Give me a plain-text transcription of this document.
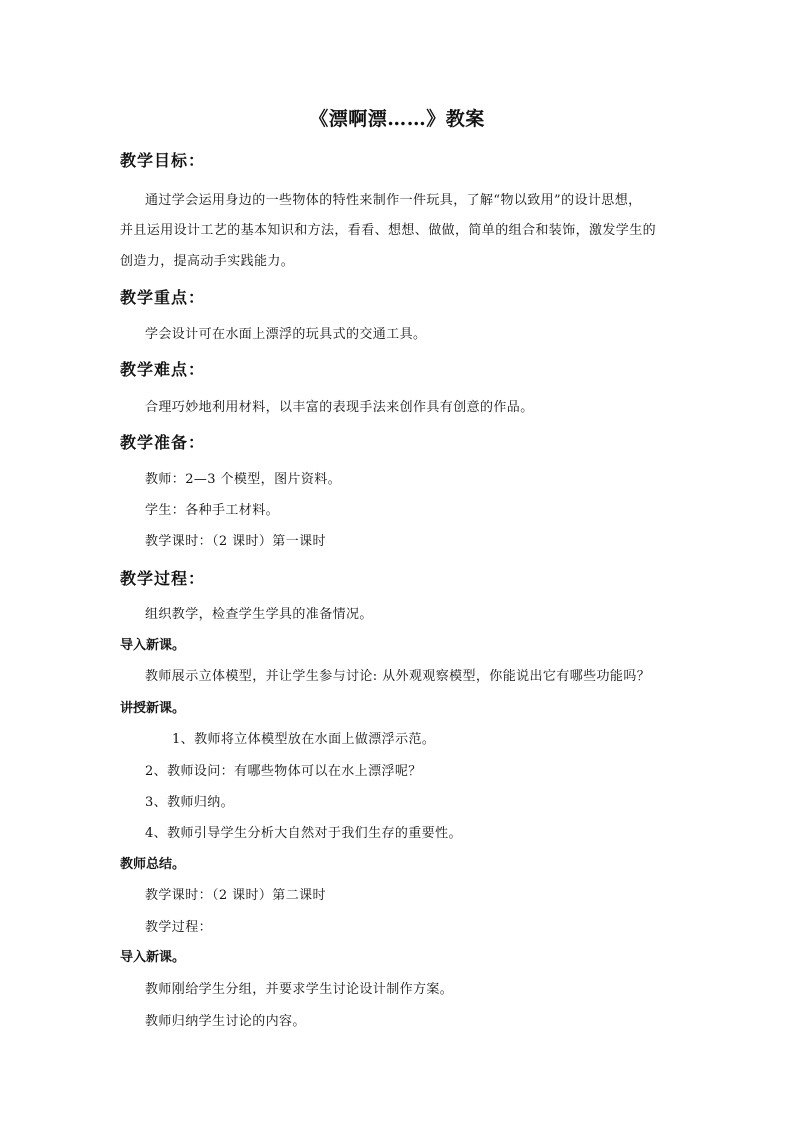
《漂啊漂……》教案
教学目标：
通过学会运用身边的一些物体的特性来制作一件玩具，了解“物以致用”的设计思想，
并且运用设计工艺的基本知识和方法，看看、想想、做做，简单的组合和装饰，激发学生的
创造力，提高动手实践能力。
教学重点：
学会设计可在水面上漂浮的玩具式的交通工具。
教学难点：
合理巧妙地利用材料，以丰富的表现手法来创作具有创意的作品。
教学准备：
教师：2—3 个模型，图片资料。
学生：各种手工材料。
教学课时：（2 课时）第一课时
教学过程：
组织教学，检查学生学具的准备情况。
导入新课。
教师展示立体模型，并让学生参与讨论: 从外观观察模型，你能说出它有哪些功能吗？
讲授新课。
1、教师将立体模型放在水面上做漂浮示范。
2、教师设问：有哪些物体可以在水上漂浮呢？
3、教师归纳。
4、教师引导学生分析大自然对于我们生存的重要性。
教师总结。
教学课时：（2 课时）第二课时
教学过程：
导入新课。
教师刚给学生分组，并要求学生讨论设计制作方案。
教师归纳学生讨论的内容。
